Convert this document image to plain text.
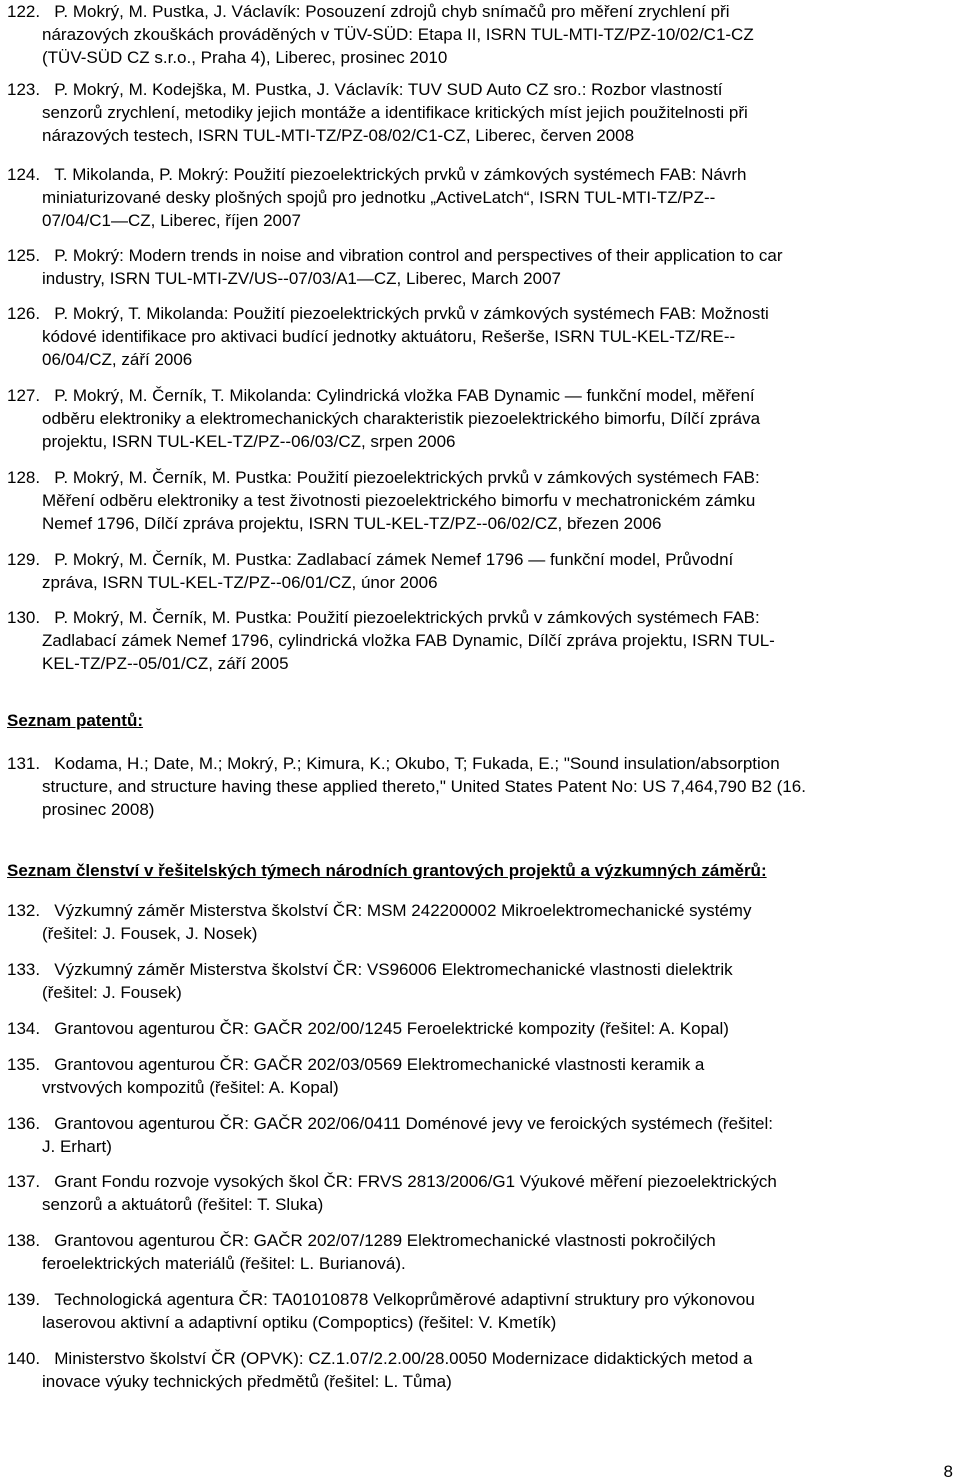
122.   P. Mokrý, M. Pustka, J. Václavík: Posouzení zdrojů chyb snímačů pro měření zrychlení při
nárazových zkouškách prováděných v TÜV-SÜD: Etapa II, ISRN TUL-MTI-TZ/PZ-10/02/C1-CZ
(TÜV-SÜD CZ s.r.o., Praha 4), Liberec, prosinec 2010
123.   P. Mokrý, M. Kodejška, M. Pustka, J. Václavík: TUV SUD Auto CZ sro.: Rozbor vlastností
senzorů zrychlení, metodiky jejich montáže a identifikace kritických míst jejich použitelnosti při
nárazových testech, ISRN TUL-MTI-TZ/PZ-08/02/C1-CZ, Liberec, červen 2008
124.   T. Mikolanda, P. Mokrý: Použití piezoelektrických prvků v zámkových systémech FAB: Návrh
miniaturizované desky plošných spojů pro jednotku „ActiveLatch“, ISRN TUL-MTI-TZ/PZ--
07/04/C1—CZ, Liberec, říjen 2007
125.   P. Mokrý: Modern trends in noise and vibration control and perspectives of their application to car
industry, ISRN TUL-MTI-ZV/US--07/03/A1—CZ, Liberec, March 2007
126.   P. Mokrý, T. Mikolanda: Použití piezoelektrických prvků v zámkových systémech FAB: Možnosti
kódové identifikace pro aktivaci budící jednotky aktuátoru, Rešerše, ISRN TUL-KEL-TZ/RE--
06/04/CZ, září 2006
127.   P. Mokrý, M. Černík, T. Mikolanda: Cylindrická vložka FAB Dynamic — funkční model, měření
odběru elektroniky a elektromechanických charakteristik piezoelektrického bimorfu, Dílčí zpráva
projektu, ISRN TUL-KEL-TZ/PZ--06/03/CZ, srpen 2006
128.   P. Mokrý, M. Černík, M. Pustka: Použití piezoelektrických prvků v zámkových systémech FAB:
Měření odběru elektroniky a test životnosti piezoelektrického bimorfu v mechatronickém zámku
Nemef 1796, Dílčí zpráva projektu, ISRN TUL-KEL-TZ/PZ--06/02/CZ, březen 2006
129.   P. Mokrý, M. Černík, M. Pustka: Zadlabací zámek Nemef 1796 — funkční model, Průvodní
zpráva, ISRN TUL-KEL-TZ/PZ--06/01/CZ, únor 2006
130.   P. Mokrý, M. Černík, M. Pustka: Použití piezoelektrických prvků v zámkových systémech FAB:
Zadlabací zámek Nemef 1796, cylindrická vložka FAB Dynamic, Dílčí zpráva projektu, ISRN TUL-
KEL-TZ/PZ--05/01/CZ, září 2005
Seznam patentů:
131.   Kodama, H.; Date, M.; Mokrý, P.; Kimura, K.; Okubo, T; Fukada, E.; "Sound insulation/absorption
structure, and structure having these applied thereto," United States Patent No: US 7,464,790 B2 (16.
prosinec 2008)
Seznam členství v řešitelských týmech národních grantových projektů a výzkumných záměrů:
132.   Výzkumný záměr Misterstva školství ČR: MSM 242200002 Mikroelektromechanické systémy
(řešitel: J. Fousek, J. Nosek)
133.   Výzkumný záměr Misterstva školství ČR: VS96006 Elektromechanické vlastnosti dielektrik
(řešitel: J. Fousek)
134.   Grantovou agenturou ČR: GAČR 202/00/1245 Feroelektrické kompozity (řešitel: A. Kopal)
135.   Grantovou agenturou ČR: GAČR 202/03/0569 Elektromechanické vlastnosti keramik a
vrstvových kompozitů (řešitel: A. Kopal)
136.   Grantovou agenturou ČR: GAČR 202/06/0411 Doménové jevy ve feroických systémech (řešitel:
J. Erhart)
137.   Grant Fondu rozvoje vysokých škol ČR: FRVS 2813/2006/G1 Výukové měření piezoelektrických
senzorů a aktuátorů (řešitel: T. Sluka)
138.   Grantovou agenturou ČR: GAČR 202/07/1289 Elektromechanické vlastnosti pokročilých
feroelektrických materiálů (řešitel: L. Burianová).
139.   Technologická agentura ČR: TA01010878 Velkoprůměrové adaptivní struktury pro výkonovou
laserovou aktivní a adaptivní optiku (Compoptics) (řešitel: V. Kmetík)
140.   Ministerstvo školství ČR (OPVK): CZ.1.07/2.2.00/28.0050 Modernizace didaktických metod a
inovace výuky technických předmětů (řešitel: L. Tůma)
8
